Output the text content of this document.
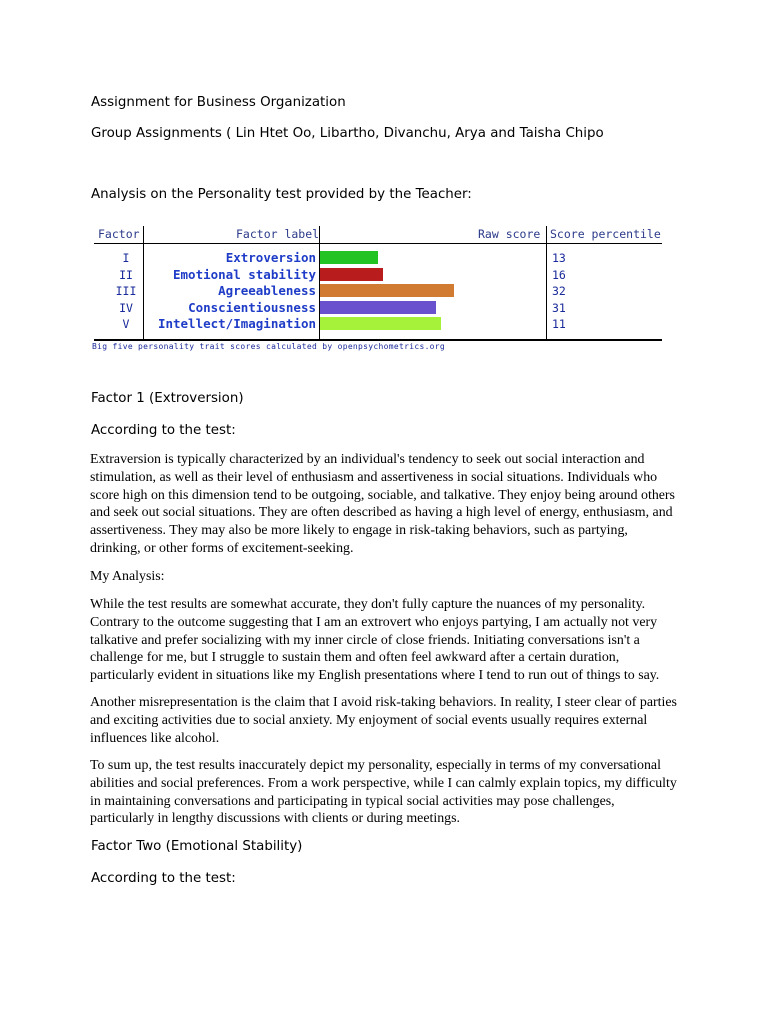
Assignment for Business Organization
Group Assignments ( Lin Htet Oo, Libartho, Divanchu, Arya and Taisha Chipo
Analysis on the Personality test provided by the Teacher:
Factor	Factor label	Raw score Score percentile
Big five personality trait scores calculated by openpsychometrics.org
I	Extroversion	13
II	Emotional stability	16
III	Agreeableness	32
IV	Conscientiousness	31
V	Intellect/Imagination	11
Factor 1 (Extroversion)
According to the test:

Extraversion is typically characterized by an individual's tendency to seek out social interaction and stimulation, as well as their level of enthusiasm and assertiveness in social situations. Individuals who score high on this dimension tend to be outgoing, sociable, and talkative. They enjoy being around others and seek out social situations. They are often described as having a high level of energy, enthusiasm, and assertiveness. They may also be more likely to engage in risk-taking behaviors, such as partying, drinking, or other forms of excitement-seeking.

My Analysis:

While the test results are somewhat accurate, they don't fully capture the nuances of my personality. Contrary to the outcome suggesting that I am an extrovert who enjoys partying, I am actually not very talkative and prefer socializing with my inner circle of close friends. Initiating conversations isn't a challenge for me, but I struggle to sustain them and often feel awkward after a certain duration, particularly evident in situations like my English presentations where I tend to run out of things to say.

Another misrepresentation is the claim that I avoid risk-taking behaviors. In reality, I steer clear of parties and exciting activities due to social anxiety. My enjoyment of social events usually requires external influences like alcohol.

To sum up, the test results inaccurately depict my personality, especially in terms of my conversational abilities and social preferences. From a work perspective, while I can calmly explain topics, my difficulty in maintaining conversations and participating in typical social activities may pose challenges, particularly in lengthy discussions with clients or during meetings.

Factor Two (Emotional Stability)
According to the test:
